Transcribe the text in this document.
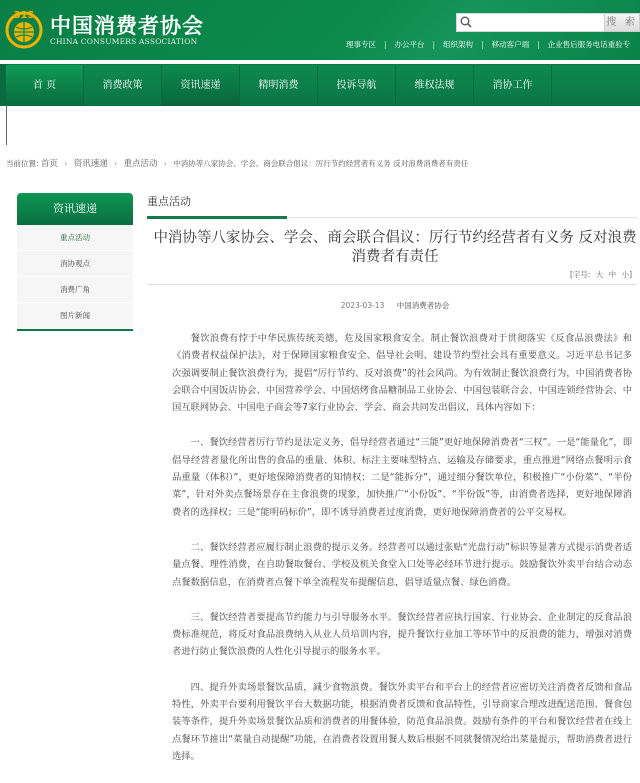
315 中国消费者协会
CHINA CONSUMERS ASSOCIATION
搜 索
理事专区 | 办公平台 | 组织架构 | 移动客户端 | 企业售后服务电话重验专
首 页	消费政策	资讯速递	精明消费	投诉导航	维权法规	消协工作
当前位置: 首页 › 资讯速递 › 重点活动 › 中消协等八家协会、学会、商会联合倡议：厉行节约经营者有义务 反对浪费消费者有责任
资讯速递
重点活动
消协观点
消费广角
图片新闻
重点活动
中消协等八家协会、学会、商会联合倡议：厉行节约经营者有义务 反对浪费消费者有责任
[字号: 大 中 小]
2023-03-13 中国消费者协会

餐饮浪费有悖于中华民族传统美德，危及国家粮食安全。制止餐饮浪费对于贯彻落实《反食品浪费法》和《消费者权益保护法》，对于保障国家粮食安全、倡导社会明、建设节约型社会具有重要意义。习近平总书记多次强调要制止餐饮浪费行为，提倡“厉行节约、反对浪费”的社会风尚。为有效制止餐饮浪费行为，中国消费者协会联合中国饭店协会、中国营养学会、中国焙烤食品糖制品工业协会、中国包装联合会、中国连锁经营协会、中国互联网协会、中国电子商会等7家行业协会、学会、商会共同发出倡议，具体内容如下：

一、餐饮经营者厉行节约是法定义务，倡导经营者通过“三能”更好地保障消费者“三权”。一是“能量化”，即倡导经营者量化所出售的食品的重量、体积、标注主要味型特点、运输及存储要求，重点推进“网络点餐明示食品重量（体积）”，更好地保障消费者的知情权；二是“能拆分”，通过细分餐饮单位，积极推广“小份菜”、“半份菜”，针对外卖点餐场景存在主食浪费的现象，加快推广“小份饭”、“半份饭”等，由消费者选择，更好地保障消费者的选择权；三是“能明码标价”，即不诱导消费者过度消费，更好地保障消费者的公平交易权。

二、餐饮经营者应履行制止浪费的提示义务。经营者可以通过张贴“光盘行动”标识等显著方式提示消费者适量点餐、理性消费，在自助餐取餐台、学校及机关食堂入口处等必经环节进行提示。鼓励餐饮外卖平台结合动态点餐数据信息，在消费者点餐下单全流程发布提醒信息，倡导适量点餐、绿色消费。

三、餐饮经营者要提高节约能力与引导服务水平。餐饮经营者应执行国家、行业协会、企业制定的反食品浪费标准规范，将反对食品浪费纳入从业人员培训内容，提升餐饮行业加工等环节中的反浪费的能力，增强对消费者进行防止餐饮浪费的人性化引导提示的服务水平。

四、提升外卖场景餐饮品质，减少食物浪费。餐饮外卖平台和平台上的经营者应密切关注消费者反馈和食品特性，外卖平台要利用餐饮平台大数据功能，根据消费者反馈和食品特性，引导商家合理改进配送范围、餐食包装等条件，提升外卖场景餐饮品质和消费者的用餐体验，防范食品浪费。鼓励有条件的平台和餐饮经营者在线上点餐环节推出“菜量自动提醒”功能，在消费者设置用餐人数后根据不同就餐情况给出菜量提示，帮助消费者进行选择。
